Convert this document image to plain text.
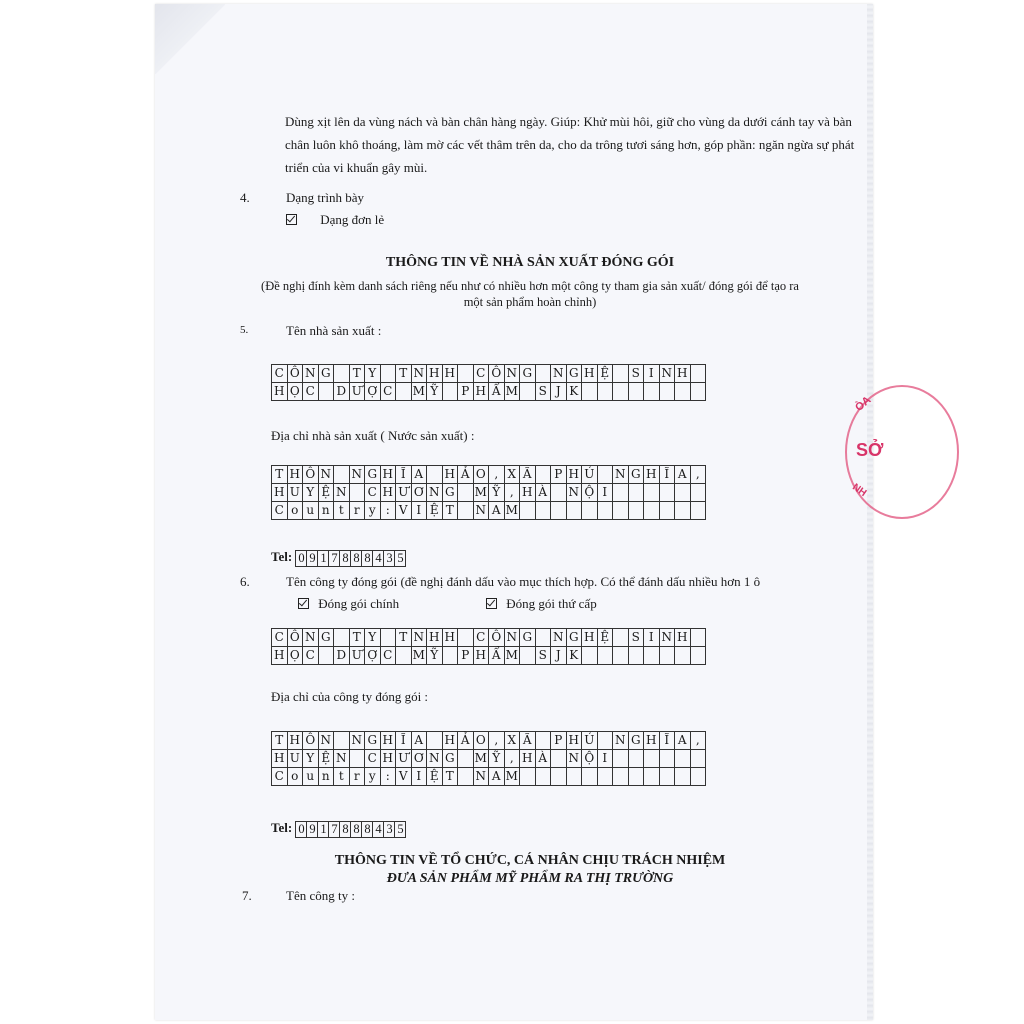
Dùng xịt lên da vùng nách và bàn chân hàng ngày. Giúp: Khử mùi hôi, giữ cho vùng da dưới cánh tay và bàn chân luôn khô thoáng, làm mờ các vết thâm trên da, cho da trông tươi sáng hơn, góp phần: ngăn ngừa sự phát triển của vi khuẩn gây mùi.
4.	Dạng trình bày
Dạng đơn lẻ
THÔNG TIN VỀ NHÀ SẢN XUẤT ĐÓNG GÓI
(Đề nghị đính kèm danh sách riêng nếu như có nhiều hơn một công ty tham gia sản xuất/ đóng gói để tạo ra
một sản phẩm hoàn chỉnh)
5.	Tên nhà sản xuất :
C	Ô	N	G		T	Y		T	N	H	H		C	Ô	N	G		N	G	H	Ệ		S	I	N	H	
H	Ọ	C		D	Ư	Ợ	C		M	Ỹ		P	H	Ẩ	M		S	J	K								
Địa chỉ nhà sản xuất ( Nước sản xuất) :
T	H	Ô	N		N	G	H	Ĩ	A		H	Ả	O	,	X	Ã		P	H	Ú		N	G	H	Ĩ	A	,
H	U	Y	Ệ	N		C	H	Ư	Ơ	N	G		M	Ỹ	,	H	À		N	Ộ	I						
C	o	u	n	t	r	y	:	V	I	Ệ	T		N	A	M												
Tel: 0	9	1	7	8	8	8	4	3	5
6.	Tên công ty đóng gói (đề nghị đánh dấu vào mục thích hợp. Có thể đánh dấu nhiều hơn 1 ô
Đóng gói chính	Đóng gói thứ cấp
C	Ô	N	G		T	Y		T	N	H	H		C	Ô	N	G		N	G	H	Ệ		S	I	N	H	
H	Ọ	C		D	Ư	Ợ	C		M	Ỹ		P	H	Ẩ	M		S	J	K								
Địa chỉ của công ty đóng gói :
T	H	Ô	N		N	G	H	Ĩ	A		H	Ả	O	,	X	Ã		P	H	Ú		N	G	H	Ĩ	A	,
H	U	Y	Ệ	N		C	H	Ư	Ơ	N	G		M	Ỹ	,	H	À		N	Ộ	I						
C	o	u	n	t	r	y	:	V	I	Ệ	T		N	A	M												
Tel: 0	9	1	7	8	8	8	4	3	5
THÔNG TIN VỀ TỔ CHỨC, CÁ NHÂN CHỊU TRÁCH NHIỆM
ĐƯA SẢN PHẨM MỸ PHẨM RA THỊ TRƯỜNG
7.	Tên công ty :
ÒA
SỞ
NH
